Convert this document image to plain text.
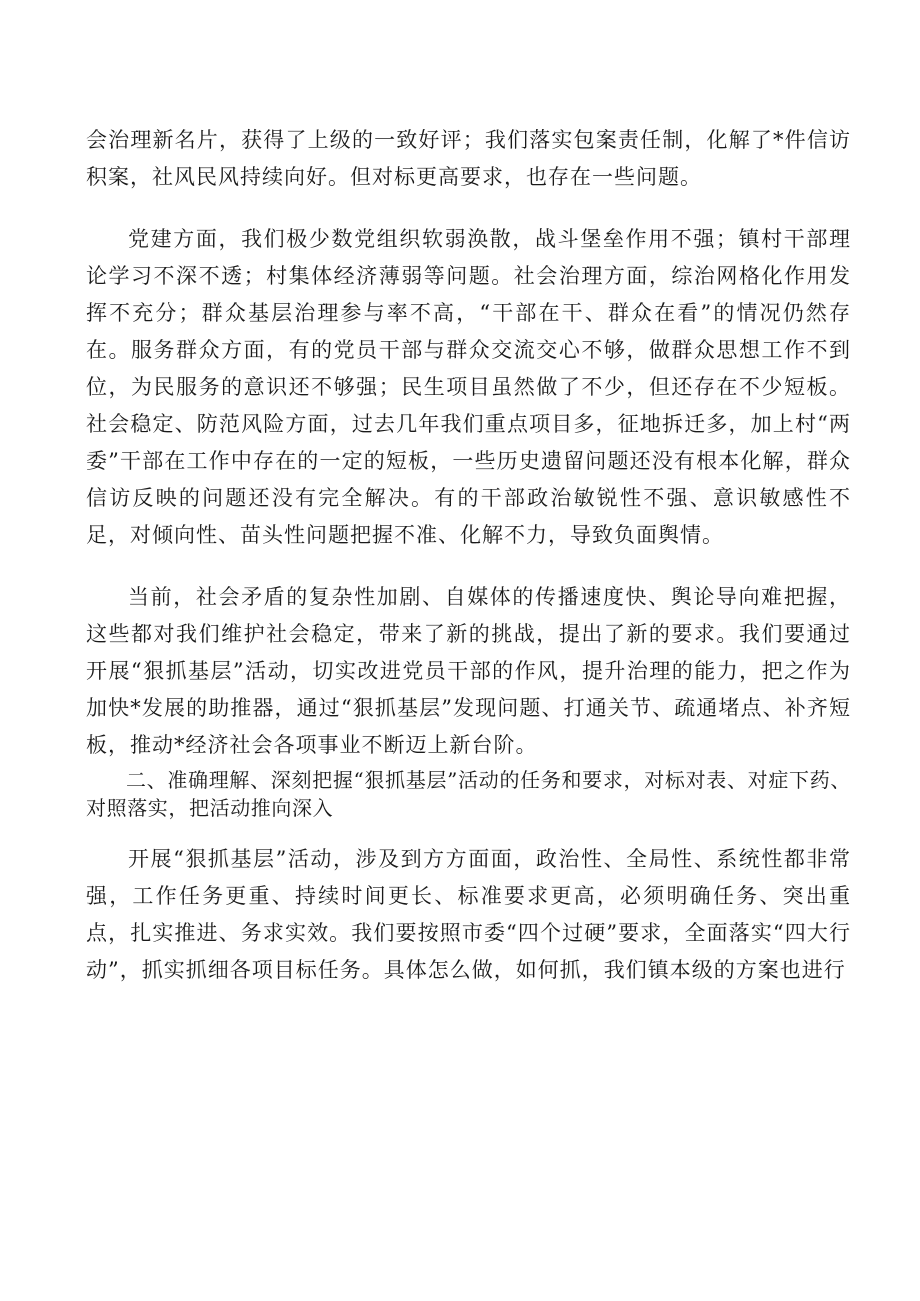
会治理新名片，获得了上级的一致好评；我们落实包案责任制，化解了*件信访积案，社风民风持续向好。但对标更高要求，也存在一些问题。

党建方面，我们极少数党组织软弱涣散，战斗堡垒作用不强；镇村干部理论学习不深不透；村集体经济薄弱等问题。社会治理方面，综治网格化作用发挥不充分；群众基层治理参与率不高，“干部在干、群众在看”的情况仍然存在。服务群众方面，有的党员干部与群众交流交心不够，做群众思想工作不到位，为民服务的意识还不够强；民生项目虽然做了不少，但还存在不少短板。社会稳定、防范风险方面，过去几年我们重点项目多，征地拆迁多，加上村“两委”干部在工作中存在的一定的短板，一些历史遗留问题还没有根本化解，群众信访反映的问题还没有完全解决。有的干部政治敏锐性不强、意识敏感性不足，对倾向性、苗头性问题把握不准、化解不力，导致负面舆情。

当前，社会矛盾的复杂性加剧、自媒体的传播速度快、舆论导向难把握，这些都对我们维护社会稳定，带来了新的挑战，提出了新的要求。我们要通过开展“狠抓基层”活动，切实改进党员干部的作风，提升治理的能力，把之作为加快*发展的助推器，通过“狠抓基层”发现问题、打通关节、疏通堵点、补齐短板，推动*经济社会各项事业不断迈上新台阶。

二、准确理解、深刻把握“狠抓基层”活动的任务和要求，对标对表、对症下药、对照落实，把活动推向深入

开展“狠抓基层”活动，涉及到方方面面，政治性、全局性、系统性都非常强，工作任务更重、持续时间更长、标准要求更高，必须明确任务、突出重点，扎实推进、务求实效。我们要按照市委“四个过硬”要求，全面落实“四大行动”，抓实抓细各项目标任务。具体怎么做，如何抓，我们镇本级的方案也进行
